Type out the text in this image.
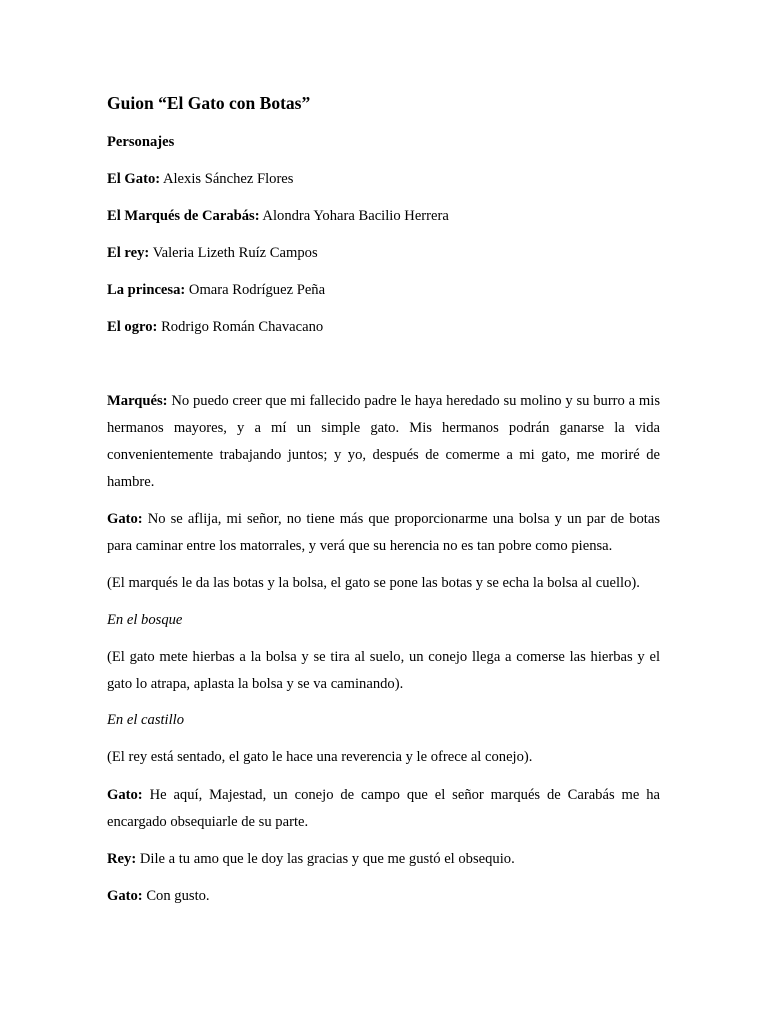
Guion “El Gato con Botas”

Personajes

El Gato: Alexis Sánchez Flores

El Marqués de Carabás: Alondra Yohara Bacilio Herrera

El rey: Valeria Lizeth Ruíz Campos

La princesa: Omara Rodríguez Peña

El ogro: Rodrigo Román Chavacano

Marqués: No puedo creer que mi fallecido padre le haya heredado su molino y su burro a mis hermanos mayores, y a mí un simple gato. Mis hermanos podrán ganarse la vida convenientemente trabajando juntos; y yo, después de comerme a mi gato, me moriré de hambre.

Gato: No se aflija, mi señor, no tiene más que proporcionarme una bolsa y un par de botas para caminar entre los matorrales, y verá que su herencia no es tan pobre como piensa.

(El marqués le da las botas y la bolsa, el gato se pone las botas y se echa la bolsa al cuello).

En el bosque

(El gato mete hierbas a la bolsa y se tira al suelo, un conejo llega a comerse las hierbas y el gato lo atrapa, aplasta la bolsa y se va caminando).

En el castillo

(El rey está sentado, el gato le hace una reverencia y le ofrece al conejo).

Gato: He aquí, Majestad, un conejo de campo que el señor marqués de Carabás me ha encargado obsequiarle de su parte.

Rey: Dile a tu amo que le doy las gracias y que me gustó el obsequio.

Gato: Con gusto.
